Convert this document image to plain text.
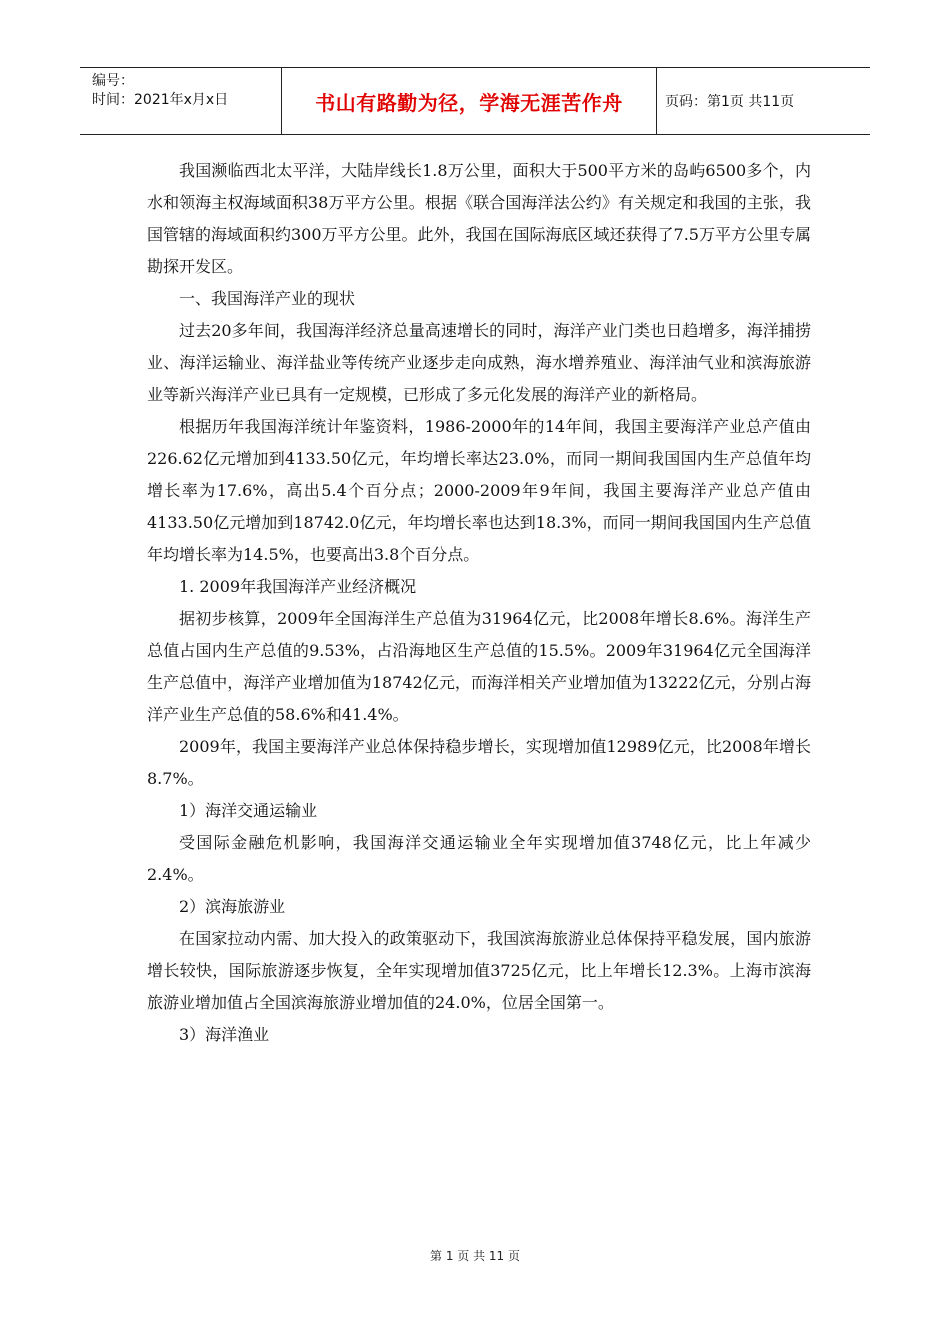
编号：
时间：2021年x月x日	书山有路勤为径，学海无涯苦作舟	页码：第1页 共11页

我国濒临西北太平洋，大陆岸线长1.8万公里，面积大于500平方米的岛屿6500多个，内水和领海主权海域面积38万平方公里。根据《联合国海洋法公约》有关规定和我国的主张，我国管辖的海域面积约300万平方公里。此外，我国在国际海底区域还获得了7.5万平方公里专属勘探开发区。

一、我国海洋产业的现状

过去20多年间，我国海洋经济总量高速增长的同时，海洋产业门类也日趋增多，海洋捕捞业、海洋运输业、海洋盐业等传统产业逐步走向成熟，海水增养殖业、海洋油气业和滨海旅游业等新兴海洋产业已具有一定规模，已形成了多元化发展的海洋产业的新格局。

根据历年我国海洋统计年鉴资料，1986-2000年的14年间，我国主要海洋产业总产值由226.62亿元增加到4133.50亿元，年均增长率达23.0%，而同一期间我国国内生产总值年均增长率为17.6%，高出5.4个百分点；2000-2009年9年间，我国主要海洋产业总产值由4133.50亿元增加到18742.0亿元，年均增长率也达到18.3%，而同一期间我国国内生产总值年均增长率为14.5%，也要高出3.8个百分点。

1. 2009年我国海洋产业经济概况

据初步核算，2009年全国海洋生产总值为31964亿元，比2008年增长8.6%。海洋生产总值占国内生产总值的9.53%，占沿海地区生产总值的15.5%。2009年31964亿元全国海洋生产总值中，海洋产业增加值为18742亿元，而海洋相关产业增加值为13222亿元，分别占海洋产业生产总值的58.6%和41.4%。

2009年，我国主要海洋产业总体保持稳步增长，实现增加值12989亿元，比2008年增长8.7%。

1）海洋交通运输业

受国际金融危机影响，我国海洋交通运输业全年实现增加值3748亿元，比上年减少2.4%。

2）滨海旅游业

在国家拉动内需、加大投入的政策驱动下，我国滨海旅游业总体保持平稳发展，国内旅游增长较快，国际旅游逐步恢复，全年实现增加值3725亿元，比上年增长12.3%。上海市滨海旅游业增加值占全国滨海旅游业增加值的24.0%，位居全国第一。

3）海洋渔业

第 1 页 共 11 页
